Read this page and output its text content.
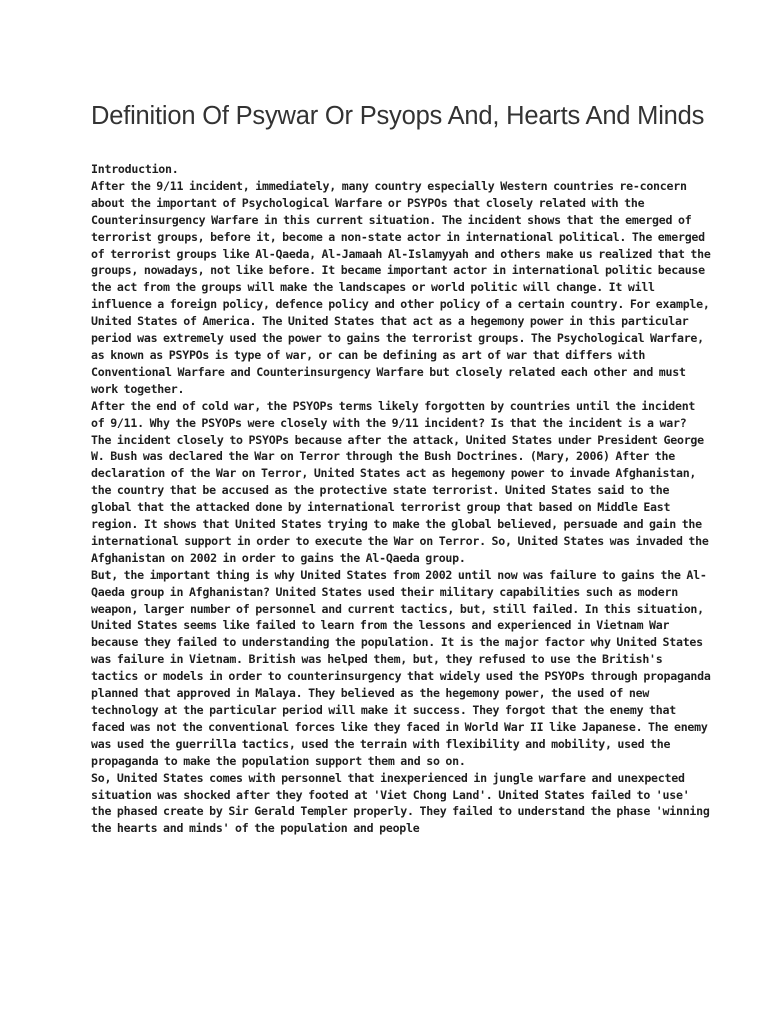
Definition Of Psywar Or Psyops And, Hearts And Minds

Introduction.

After the 9/11 incident, immediately, many country especially Western countries re-concern about the important of Psychological Warfare or PSYPOs that closely related with the Counterinsurgency Warfare in this current situation. The incident shows that the emerged of terrorist groups, before it, become a non-state actor in international political. The emerged of terrorist groups like Al-Qaeda, Al-Jamaah Al-Islamyyah and others make us realized that the groups, nowadays, not like before. It became important actor in international politic because the act from the groups will make the landscapes or world politic will change. It will influence a foreign policy, defence policy and other policy of a certain country. For example, United States of America. The United States that act as a hegemony power in this particular period was extremely used the power to gains the terrorist groups. The Psychological Warfare, as known as PSYPOs is type of war, or can be defining as art of war that differs with Conventional Warfare and Counterinsurgency Warfare but closely related each other and must work together.

After the end of cold war, the PSYOPs terms likely forgotten by countries until the incident of 9/11. Why the PSYOPs were closely with the 9/11 incident? Is that the incident is a war? The incident closely to PSYOPs because after the attack, United States under President George W. Bush was declared the War on Terror through the Bush Doctrines. (Mary, 2006) After the declaration of the War on Terror, United States act as hegemony power to invade Afghanistan, the country that be accused as the protective state terrorist. United States said to the global that the attacked done by international terrorist group that based on Middle East region. It shows that United States trying to make the global believed, persuade and gain the international support in order to execute the War on Terror. So, United States was invaded the Afghanistan on 2002 in order to gains the Al-Qaeda group.

But, the important thing is why United States from 2002 until now was failure to gains the Al-Qaeda group in Afghanistan? United States used their military capabilities such as modern weapon, larger number of personnel and current tactics, but, still failed. In this situation, United States seems like failed to learn from the lessons and experienced in Vietnam War because they failed to understanding the population. It is the major factor why United States was failure in Vietnam. British was helped them, but, they refused to use the British's tactics or models in order to counterinsurgency that widely used the PSYOPs through propaganda planned that approved in Malaya. They believed as the hegemony power, the used of new technology at the particular period will make it success. They forgot that the enemy that faced was not the conventional forces like they faced in World War II like Japanese. The enemy was used the guerrilla tactics, used the terrain with flexibility and mobility, used the propaganda to make the population support them and so on.

So, United States comes with personnel that inexperienced in jungle warfare and unexpected situation was shocked after they footed at 'Viet Chong Land'. United States failed to 'use' the phased create by Sir Gerald Templer properly. They failed to understand the phase 'winning the hearts and minds' of the population and people
